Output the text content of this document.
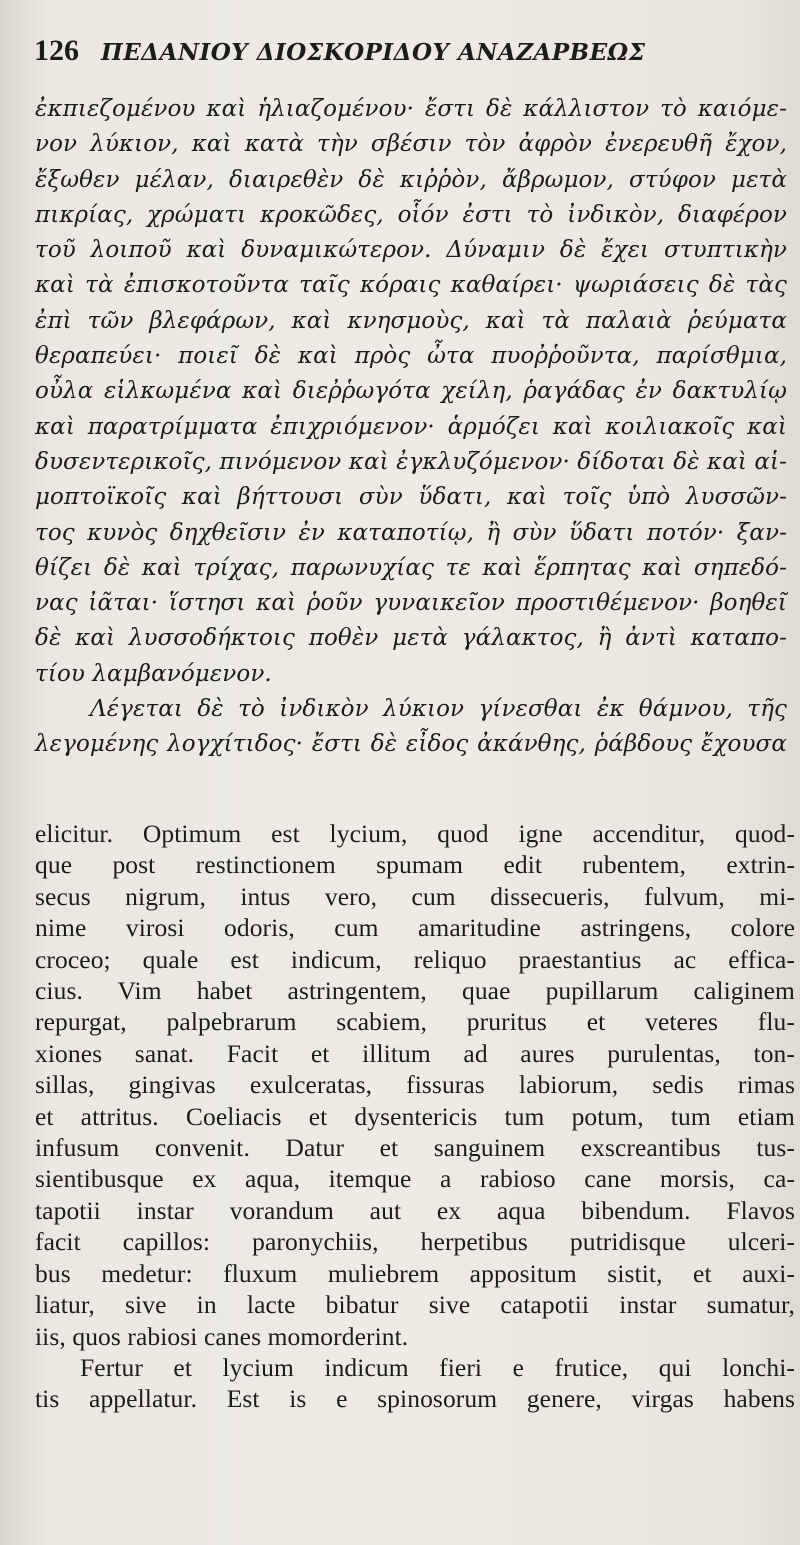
126 ΠΕΔΑΝΙΟΥ ΔΙΟΣΚΟΡΙΔΟΥ ΑΝΑΖΑΡΒΕΩΣ
ἐκπιεζομένου καὶ ἡλιαζομένου· ἔστι δὲ κάλλιστον τὸ καιόμε-
νον λύκιον, καὶ κατὰ τὴν σβέσιν τὸν ἀφρὸν ἐνερευθῆ ἔχον,
ἔξωθεν μέλαν, διαιρεθὲν δὲ κιῤῥὸν, ἄβρωμον, στύφον μετὰ
πικρίας, χρώματι κροκῶδες, οἷόν ἐστι τὸ ἰνδικὸν, διαφέρον
τοῦ λοιποῦ καὶ δυναμικώτερον. Δύναμιν δὲ ἔχει στυπτικὴν
καὶ τὰ ἐπισκοτοῦντα ταῖς κόραις καθαίρει· ψωριάσεις δὲ τὰς
ἐπὶ τῶν βλεφάρων, καὶ κνησμοὺς, καὶ τὰ παλαιὰ ῥεύματα
θεραπεύει· ποιεῖ δὲ καὶ πρὸς ὦτα πυοῤῥοῦντα, παρίσθμια,
οὖλα εἱλκωμένα καὶ διεῤῥωγότα χείλη, ῥαγάδας ἐν δακτυλίῳ
καὶ παρατρίμματα ἐπιχριόμενον· ἁρμόζει καὶ κοιλιακοῖς καὶ
δυσεντερικοῖς, πινόμενον καὶ ἐγκλυζόμενον· δίδοται δὲ καὶ αἱ-
μοπτοϊκοῖς καὶ βήττουσι σὺν ὕδατι, καὶ τοῖς ὑπὸ λυσσῶν-
τος κυνὸς δηχθεῖσιν ἐν καταποτίῳ, ἢ σὺν ὕδατι ποτόν· ξαν-
θίζει δὲ καὶ τρίχας, παρωνυχίας τε καὶ ἕρπητας καὶ σηπεδό-
νας ἰᾶται· ἵστησι καὶ ῥοῦν γυναικεῖον προστιθέμενον· βοηθεῖ
δὲ καὶ λυσσοδήκτοις ποθὲν μετὰ γάλακτος, ἢ ἀντὶ καταπο-
τίου λαμβανόμενον.
Λέγεται δὲ τὸ ἰνδικὸν λύκιον γίνεσθαι ἐκ θάμνου, τῆς
λεγομένης λογχίτιδος· ἔστι δὲ εἶδος ἀκάνθης, ῥάβδους ἔχουσα
elicitur. Optimum est lycium, quod igne accenditur, quod-
que post restinctionem spumam edit rubentem, extrin-
secus nigrum, intus vero, cum dissecueris, fulvum, mi-
nime virosi odoris, cum amaritudine astringens, colore
croceo; quale est indicum, reliquo praestantius ac effica-
cius. Vim habet astringentem, quae pupillarum caliginem
repurgat, palpebrarum scabiem, pruritus et veteres flu-
xiones sanat. Facit et illitum ad aures purulentas, ton-
sillas, gingivas exulceratas, fissuras labiorum, sedis rimas
et attritus. Coeliacis et dysentericis tum potum, tum etiam
infusum convenit. Datur et sanguinem exscreantibus tus-
sientibusque ex aqua, itemque a rabioso cane morsis, ca-
tapotii instar vorandum aut ex aqua bibendum. Flavos
facit capillos: paronychiis, herpetibus putridisque ulceri-
bus medetur: fluxum muliebrem appositum sistit, et auxi-
liatur, sive in lacte bibatur sive catapotii instar sumatur,
iis, quos rabiosi canes momorderint.
Fertur et lycium indicum fieri e frutice, qui lonchi-
tis appellatur. Est is e spinosorum genere, virgas habens
